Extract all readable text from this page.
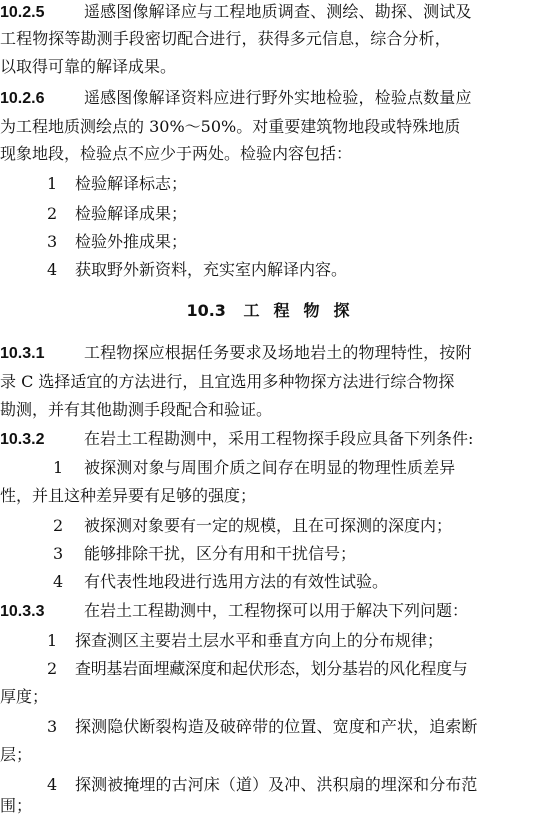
10.2.5 遥感图像解译应与工程地质调查、测绘、勘探、测试及
工程物探等勘测手段密切配合进行，获得多元信息，综合分析，
以取得可靠的解译成果。
10.2.6 遥感图像解译资料应进行野外实地检验，检验点数量应
为工程地质测绘点的 30%～50%。对重要建筑物地段或特殊地质
现象地段，检验点不应少于两处。检验内容包括：
1 检验解译标志；
2 检验解译成果；
3 检验外推成果；
4 获取野外新资料，充实室内解译内容。
10.3 工程物探
10.3.1 工程物探应根据任务要求及场地岩土的物理特性，按附
录 C 选择适宜的方法进行，且宜选用多种物探方法进行综合物探
勘测，并有其他勘测手段配合和验证。
10.3.2 在岩土工程勘测中，采用工程物探手段应具备下列条件:
1 被探测对象与周围介质之间存在明显的物理性质差异
性，并且这种差异要有足够的强度；
2 被探测对象要有一定的规模，且在可探测的深度内；
3 能够排除干扰，区分有用和干扰信号；
4 有代表性地段进行选用方法的有效性试验。
10.3.3 在岩土工程勘测中，工程物探可以用于解决下列问题：
1 探查测区主要岩土层水平和垂直方向上的分布规律；
2 查明基岩面埋藏深度和起伏形态，划分基岩的风化程度与
厚度；
3 探测隐伏断裂构造及破碎带的位置、宽度和产状，追索断
层；
4 探测被掩埋的古河床（道）及冲、洪积扇的埋深和分布范
围；
